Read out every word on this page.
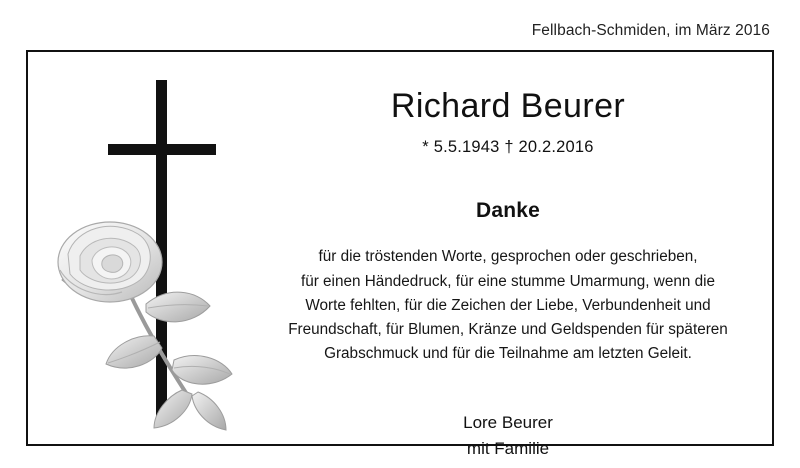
Fellbach-Schmiden, im März 2016
Richard Beurer
* 5.5.1943 † 20.2.2016
Danke
für die tröstenden Worte, gesprochen oder geschrieben,
für einen Händedruck, für eine stumme Umarmung, wenn die
Worte fehlten, für die Zeichen der Liebe, Verbundenheit und
Freundschaft, für Blumen, Kränze und Geldspenden für späteren
Grabschmuck und für die Teilnahme am letzten Geleit.
Lore Beurer
mit Familie
